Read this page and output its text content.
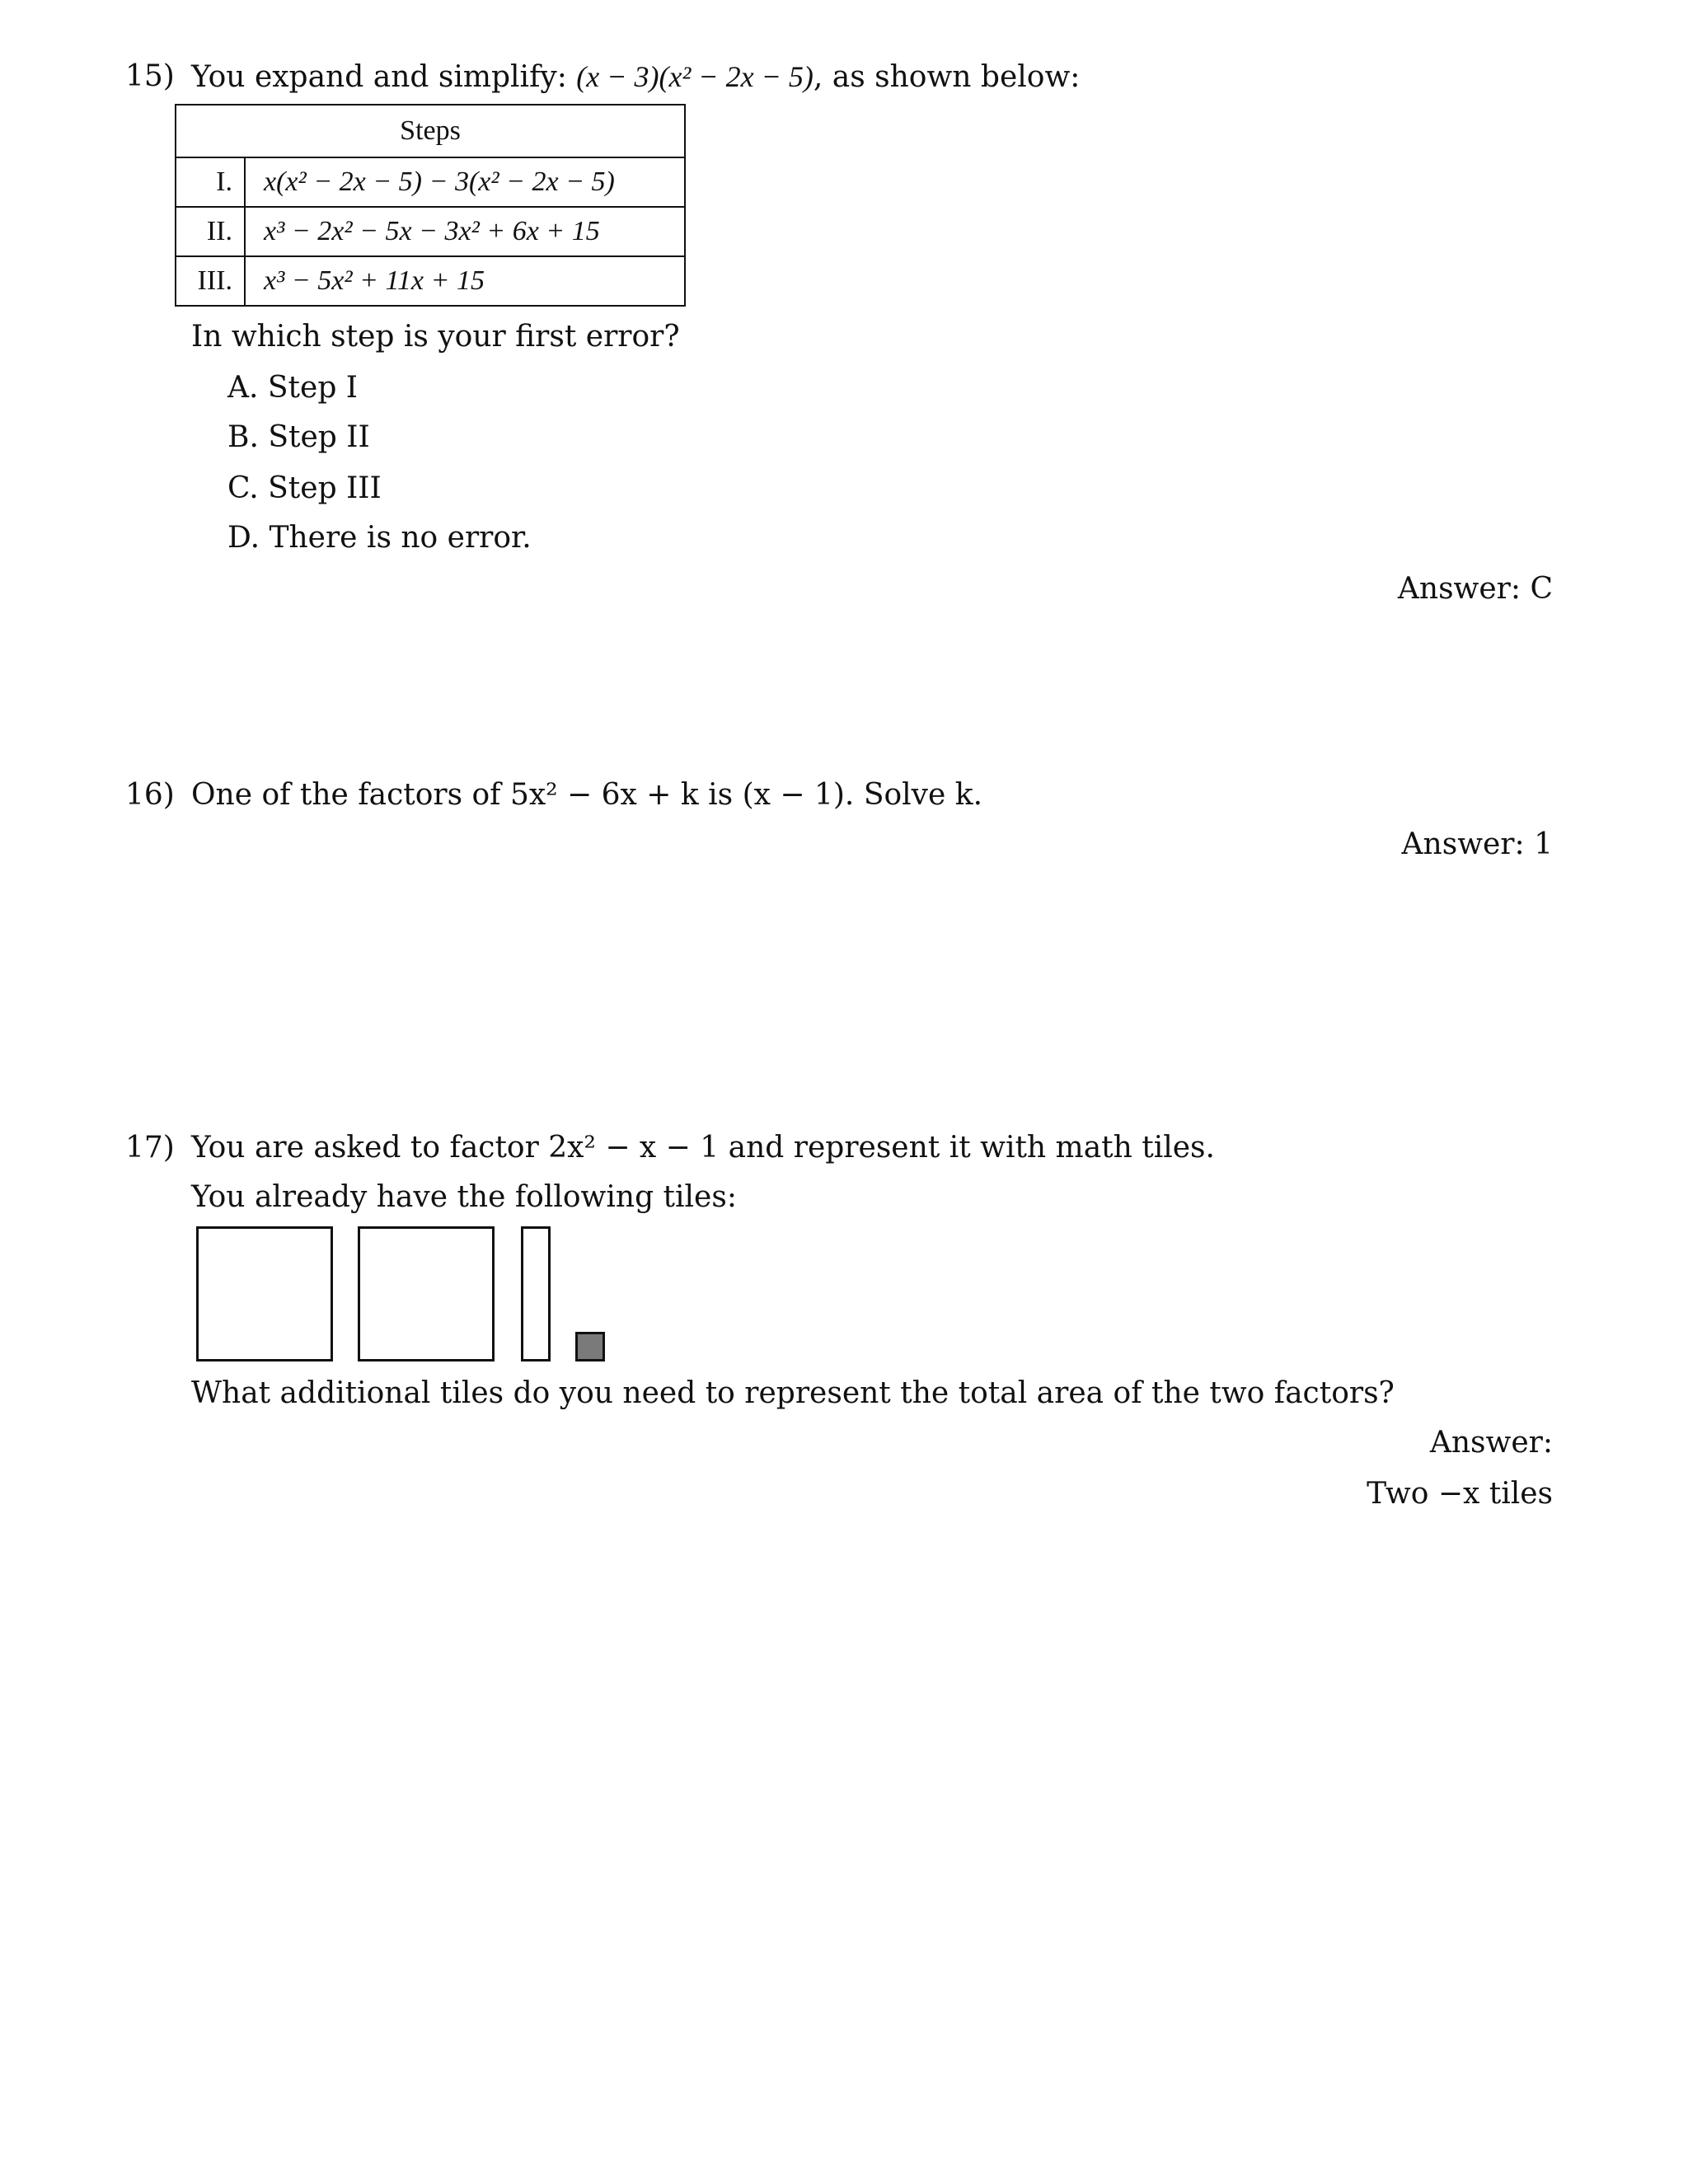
15) You expand and simplify: (x − 3)(x² − 2x − 5), as shown below:
Steps	
I.	x(x² − 2x − 5) − 3(x² − 2x − 5)
II.	x³ − 2x² − 5x − 3x² + 6x + 15
III.	x³ − 5x² + 11x + 15
In which step is your first error?
A. Step I
B. Step II
C. Step III
D. There is no error.
Answer: C
16) One of the factors of 5x² − 6x + k is (x − 1). Solve k.
Answer: 1
17) You are asked to factor 2x² − x − 1 and represent it with math tiles.
You already have the following tiles:
What additional tiles do you need to represent the total area of the two factors?
Answer:
Two −x tiles
